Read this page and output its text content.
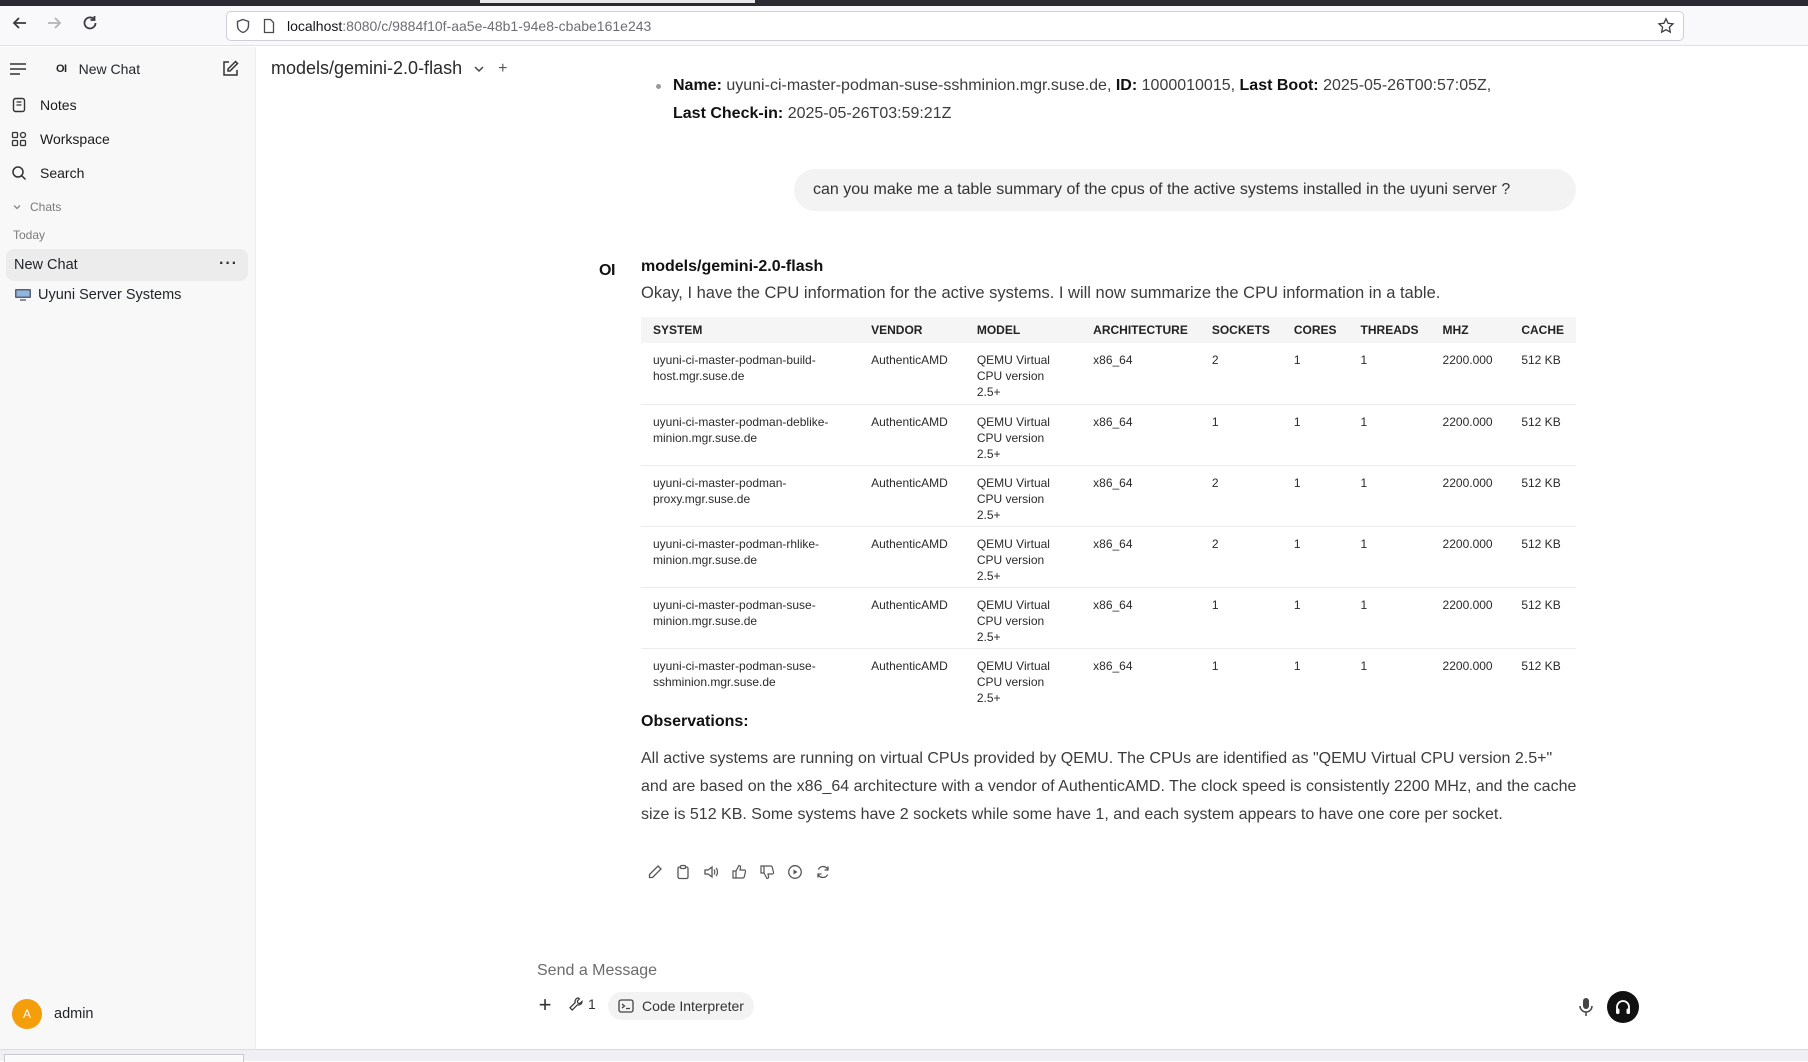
localhost:8080/c/9884f10f-aa5e-48b1-94e8-cbabe161e243
OI New Chat
Notes
Workspace
Search
Chats
Today
New Chat	···
Uyuni Server Systems
A	admin
models/gemini-2.0-flash +
Name: uyuni-ci-master-podman-suse-sshminion.mgr.suse.de, ID: 1000010015, Last Boot: 2025-05-26T00:57:05Z,
Last Check-in: 2025-05-26T03:59:21Z
can you make me a table summary of the cpus of the active systems installed in the uyuni server ?
OI models/gemini-2.0-flash
Okay, I have the CPU information for the active systems. I will now summarize the CPU information in a table.
SYSTEM	VENDOR	MODEL	ARCHITECTURE	SOCKETS	CORES	THREADS	MHZ	CACHE
uyuni-ci-master-podman-build-host.mgr.suse.de	AuthenticAMD	QEMU Virtual CPU version 2.5+	x86_64	2	1	1	2200.000	512 KB
uyuni-ci-master-podman-deblike-minion.mgr.suse.de	AuthenticAMD	QEMU Virtual CPU version 2.5+	x86_64	1	1	1	2200.000	512 KB
uyuni-ci-master-podman-proxy.mgr.suse.de	AuthenticAMD	QEMU Virtual CPU version 2.5+	x86_64	2	1	1	2200.000	512 KB
uyuni-ci-master-podman-rhlike-minion.mgr.suse.de	AuthenticAMD	QEMU Virtual CPU version 2.5+	x86_64	2	1	1	2200.000	512 KB
uyuni-ci-master-podman-suse-minion.mgr.suse.de	AuthenticAMD	QEMU Virtual CPU version 2.5+	x86_64	1	1	1	2200.000	512 KB
uyuni-ci-master-podman-suse-sshminion.mgr.suse.de	AuthenticAMD	QEMU Virtual CPU version 2.5+	x86_64	1	1	1	2200.000	512 KB
Observations:
All active systems are running on virtual CPUs provided by QEMU. The CPUs are identified as "QEMU Virtual CPU version 2.5+" and are based on the x86_64 architecture with a vendor of AuthenticAMD. The clock speed is consistently 2200 MHz, and the cache size is 512 KB. Some systems have 2 sockets while some have 1, and each system appears to have one core per socket.
Send a Message
+	1	Code Interpreter
